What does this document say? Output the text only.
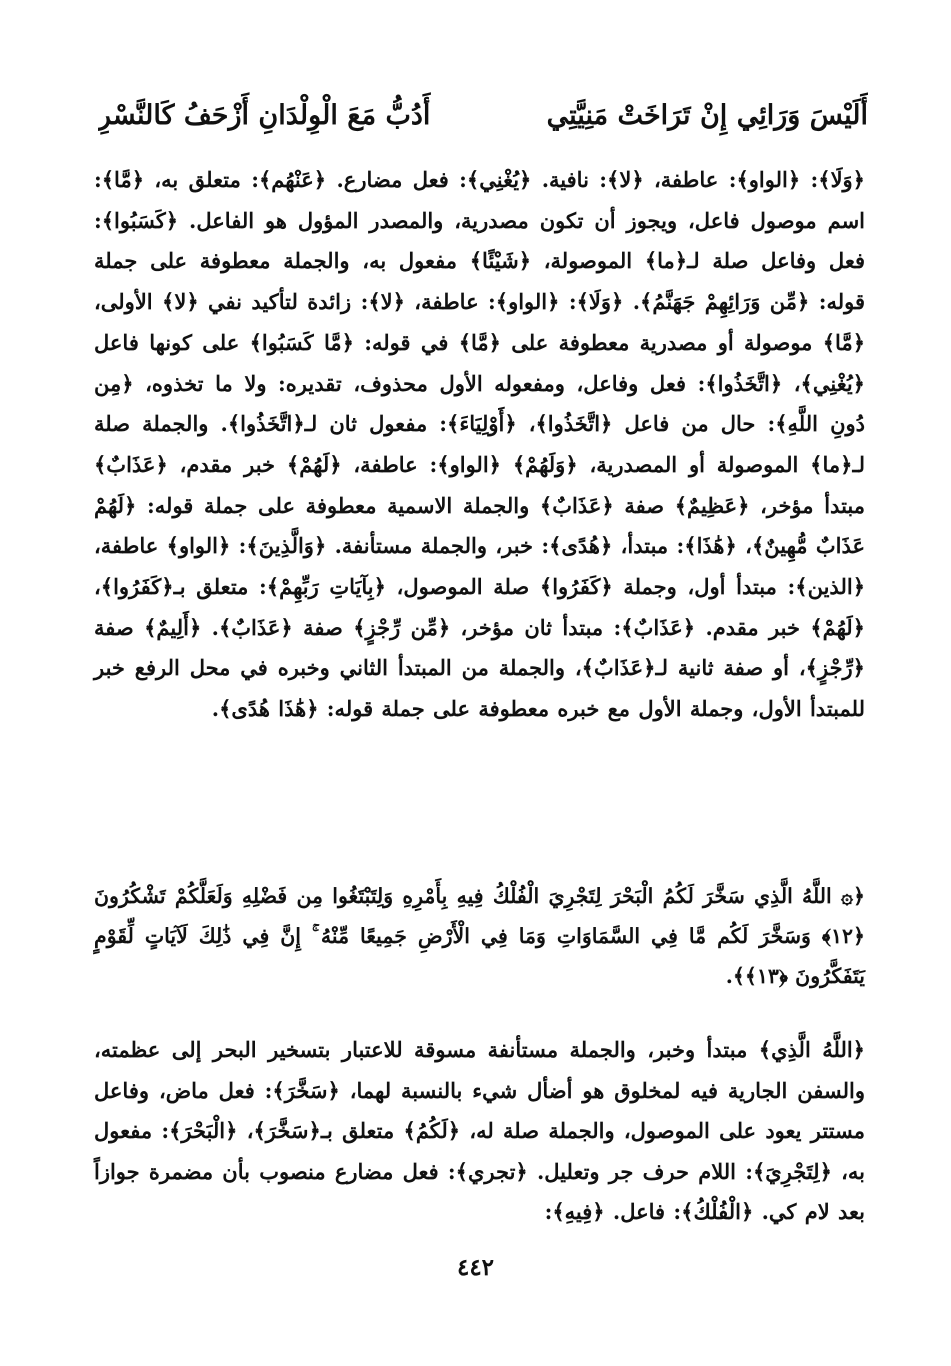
أَلَيْسَ وَرَائِي إِنْ تَرَاخَتْ مَنِيَّتِي
أَدُبُّ مَعَ الْوِلْدَانِ أَزْحَفُ كَالنَّسْرِ

﴿وَلَا﴾: ﴿الواو﴾: عاطفة، ﴿لا﴾: نافية. ﴿يُغْنِي﴾: فعل مضارع. ﴿عَنْهُم﴾: متعلق به، ﴿مَّا﴾: اسم موصول فاعل، ويجوز أن تكون مصدرية، والمصدر المؤول هو الفاعل. ﴿كَسَبُوا﴾: فعل وفاعل صلة لـ﴿ما﴾ الموصولة، ﴿شَيْئًا﴾ مفعول به، والجملة معطوفة على جملة قوله: ﴿مِّن وَرَائِهِمْ جَهَنَّمُ﴾. ﴿وَلَا﴾: ﴿الواو﴾: عاطفة، ﴿لا﴾: زائدة لتأكيد نفي ﴿لا﴾ الأولى، ﴿مَّا﴾ موصولة أو مصدرية معطوفة على ﴿مَّا﴾ في قوله: ﴿مَّا كَسَبُوا﴾ على كونها فاعل ﴿يُغْنِي﴾، ﴿اتَّخَذُوا﴾: فعل وفاعل، ومفعوله الأول محذوف، تقديره: ولا ما تخذوه، ﴿مِن دُونِ اللَّهِ﴾: حال من فاعل ﴿اتَّخَذُوا﴾، ﴿أَوْلِيَاءَ﴾: مفعول ثان لـ﴿اتَّخَذُوا﴾. والجملة صلة لـ﴿ما﴾ الموصولة أو المصدرية، ﴿وَلَهُمْ﴾ ﴿الواو﴾: عاطفة، ﴿لَهُمْ﴾ خبر مقدم، ﴿عَذَابٌ﴾ مبتدأ مؤخر، ﴿عَظِيمٌ﴾ صفة ﴿عَذَابٌ﴾ والجملة الاسمية معطوفة على جملة قوله: ﴿لَهُمْ عَذَابٌ مُّهِينٌ﴾، ﴿هَٰذَا﴾: مبتدأ، ﴿هُدًى﴾: خبر، والجملة مستأنفة. ﴿وَالَّذِينَ﴾: ﴿الواو﴾ عاطفة، ﴿الذين﴾: مبتدأ أول، وجملة ﴿كَفَرُوا﴾ صلة الموصول، ﴿بِآيَاتِ رَبِّهِمْ﴾: متعلق بـ﴿كَفَرُوا﴾، ﴿لَهُمْ﴾ خبر مقدم. ﴿عَذَابٌ﴾: مبتدأ ثان مؤخر، ﴿مِّن رِّجْزٍ﴾ صفة ﴿عَذَابٌ﴾. ﴿أَلِيمٌ﴾ صفة ﴿رِّجْزٍ﴾، أو صفة ثانية لـ﴿عَذَابٌ﴾، والجملة من المبتدأ الثاني وخبره في محل الرفع خبر للمبتدأ الأول، وجملة الأول مع خبره معطوفة على جملة قوله: ﴿هَٰذَا هُدًى﴾.

﴿۞ اللَّهُ الَّذِي سَخَّرَ لَكُمُ الْبَحْرَ لِتَجْرِيَ الْفُلْكُ فِيهِ بِأَمْرِهِ وَلِتَبْتَغُوا مِن فَضْلِهِ وَلَعَلَّكُمْ تَشْكُرُونَ ﴿١٢﴾ وَسَخَّرَ لَكُم مَّا فِي السَّمَاوَاتِ وَمَا فِي الْأَرْضِ جَمِيعًا مِّنْهُ ۚ إِنَّ فِي ذَٰلِكَ لَآيَاتٍ لِّقَوْمٍ يَتَفَكَّرُونَ ﴿١٣﴾﴾.

﴿اللَّهُ الَّذِي﴾ مبتدأ وخبر، والجملة مستأنفة مسوقة للاعتبار بتسخير البحر إلى عظمته، والسفن الجارية فيه لمخلوق هو أضأل شيء بالنسبة لهما، ﴿سَخَّرَ﴾: فعل ماض، وفاعل مستتر يعود على الموصول، والجملة صلة له، ﴿لَكُمُ﴾ متعلق بـ﴿سَخَّرَ﴾، ﴿الْبَحْرَ﴾: مفعول به، ﴿لِتَجْرِيَ﴾: اللام حرف جر وتعليل. ﴿تجري﴾: فعل مضارع منصوب بأن مضمرة جوازاً بعد لام كي. ﴿الْفُلْكُ﴾: فاعل. ﴿فِيهِ﴾:

٤٤٢
